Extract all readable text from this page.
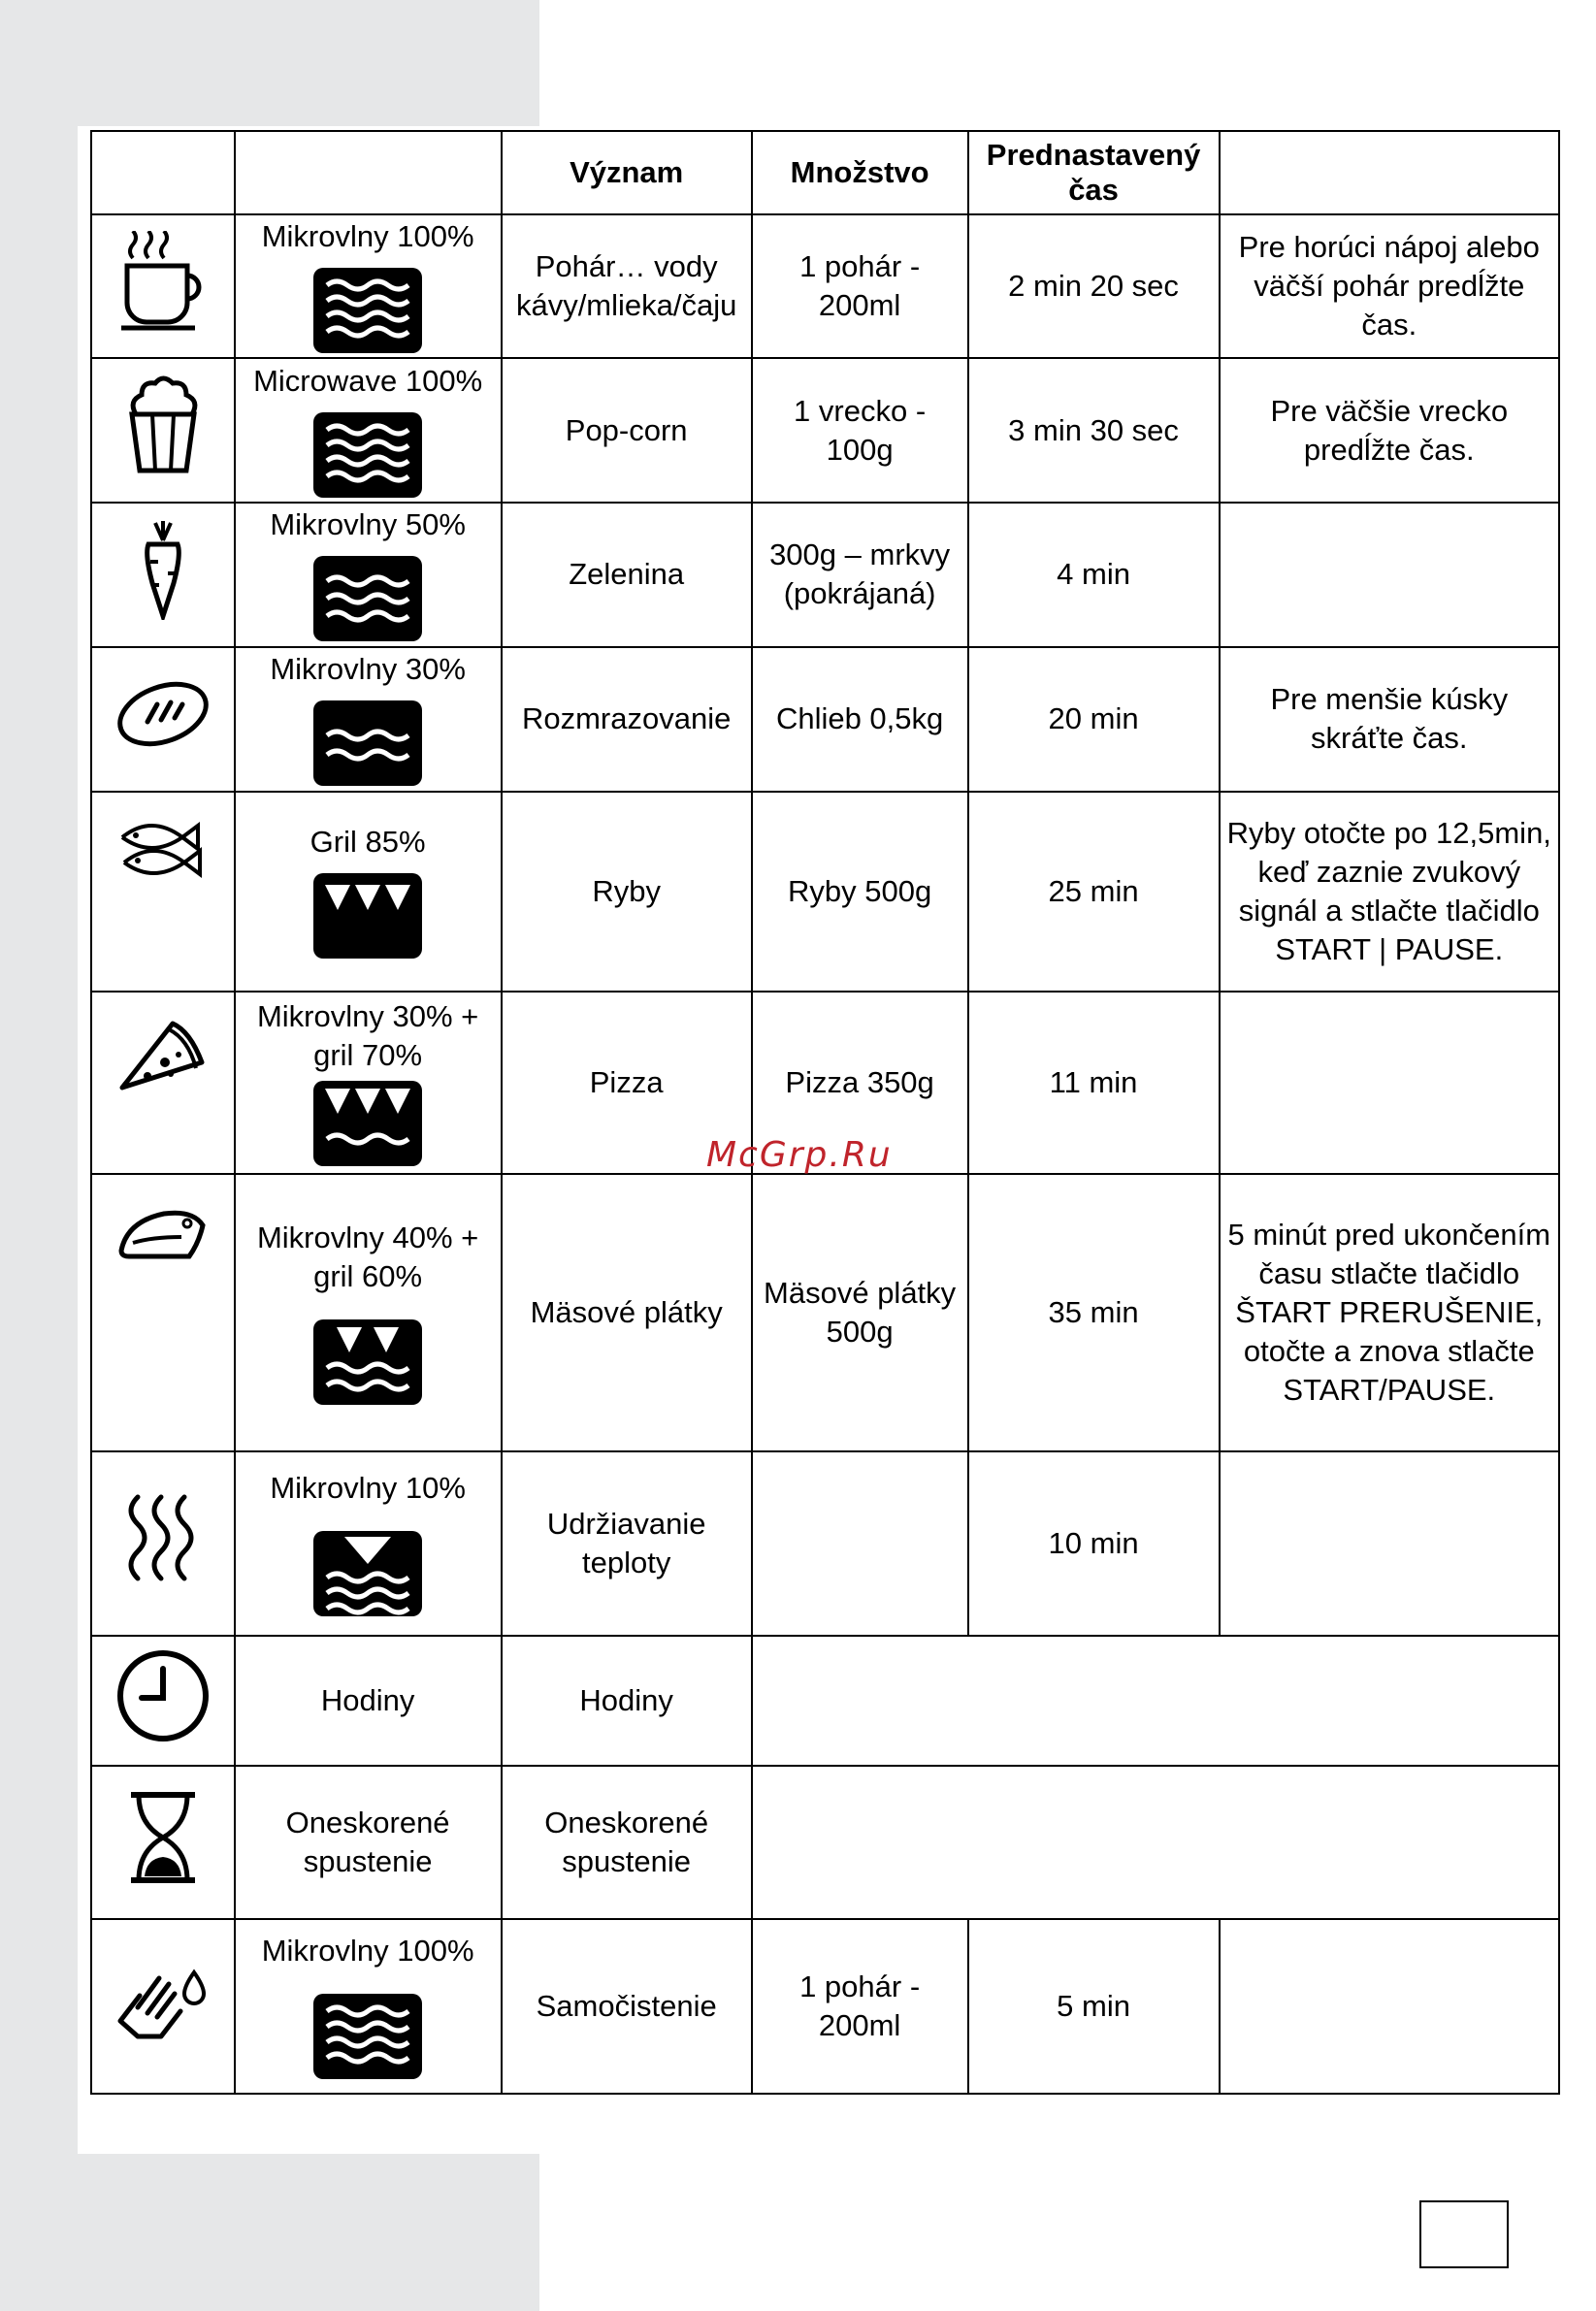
		Význam	Množstvo	Prednastavený čas	

Mikrovlny 100%	Pohár… vody kávy/mlieka/čaju	1 pohár - 200ml	2 min 20 sec	Pre horúci nápoj alebo väčší pohár predĺžte čas.

Microwave 100%	Pop-corn	1 vrecko - 100g	3 min 30 sec	Pre väčšie vrecko predĺžte čas.

Mikrovlny 50%	Zelenina	300g – mrkvy (pokrájaná)	4 min	

Mikrovlny 30%	Rozmrazovanie	Chlieb 0,5kg	20 min	Pre menšie kúsky skráťte čas.

Gril 85%	Ryby	Ryby 500g	25 min	Ryby otočte po 12,5min, keď zaznie zvukový signál a stlačte tlačidlo START | PAUSE.

Mikrovlny 30% + gril 70%	Pizza	Pizza 350g	11 min	

Mikrovlny 40% + gril 60%	Mäsové plátky	Mäsové plátky 500g	35 min	5 minút pred ukončením času stlačte tlačidlo ŠTART PRERUŠENIE, otočte a znova stlačte START/PAUSE.

Mikrovlny 10%	Udržiavanie teploty		10 min	
	Hodiny	Hodiny			
	Oneskorené spustenie	Oneskorené spustenie			

Mikrovlny 100%	Samočistenie	1 pohár - 200ml	5 min	
McGrp.Ru
